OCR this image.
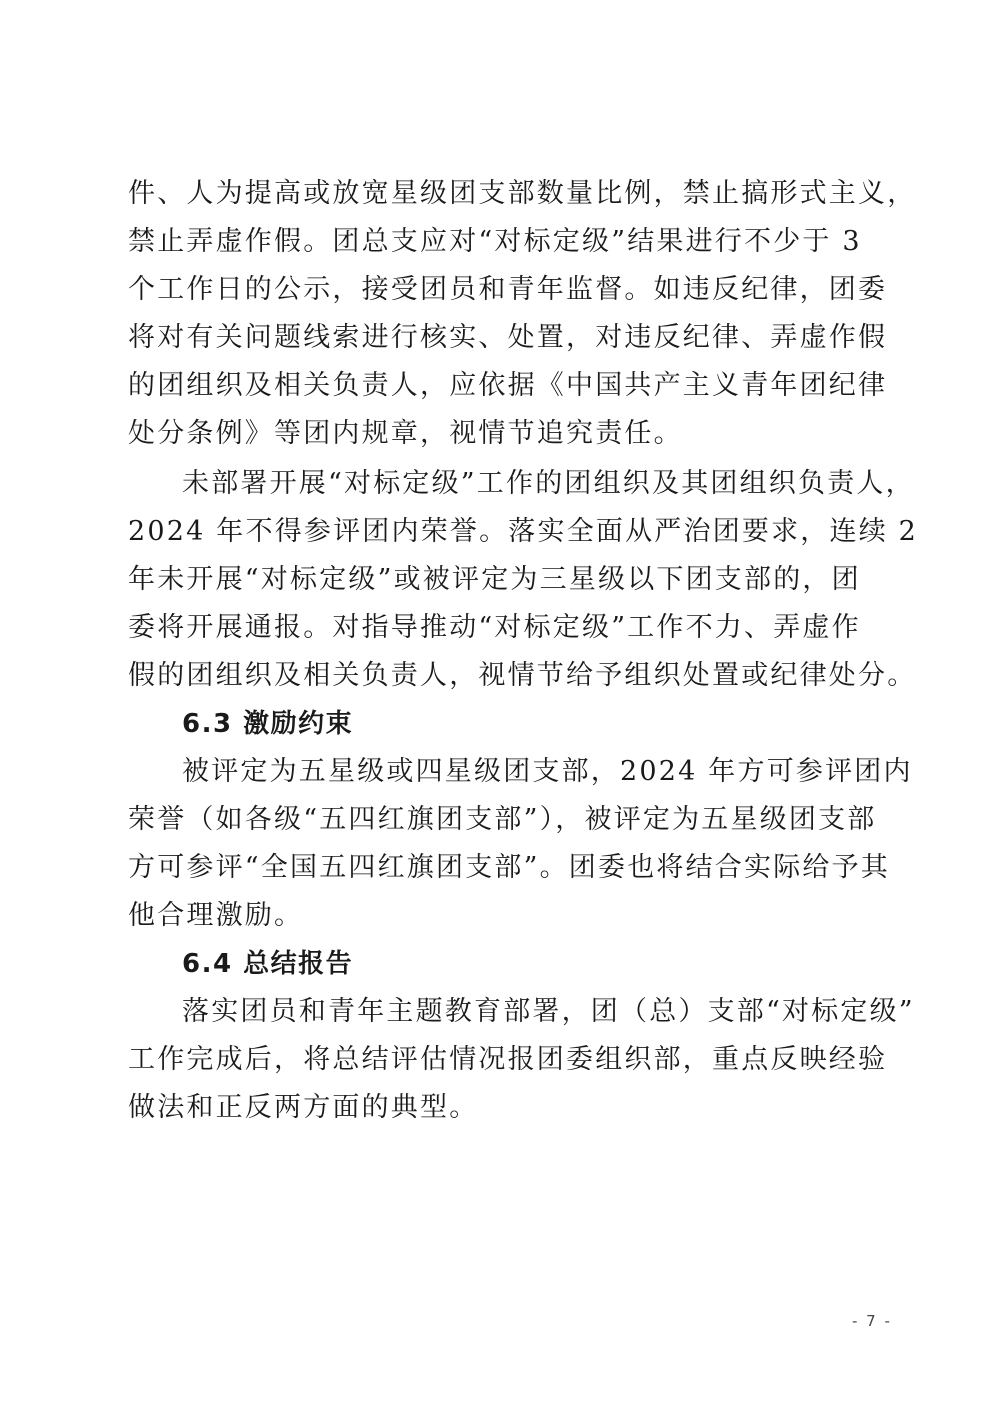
件、人为提高或放宽星级团支部数量比例，禁止搞形式主义，
禁止弄虚作假。团总支应对“对标定级”结果进行不少于 3
个工作日的公示，接受团员和青年监督。如违反纪律，团委
将对有关问题线索进行核实、处置，对违反纪律、弄虚作假
的团组织及相关负责人，应依据《中国共产主义青年团纪律
处分条例》等团内规章，视情节追究责任。
未部署开展“对标定级”工作的团组织及其团组织负责人，
2024 年不得参评团内荣誉。落实全面从严治团要求，连续 2
年未开展“对标定级”或被评定为三星级以下团支部的，团
委将开展通报。对指导推动“对标定级”工作不力、弄虚作
假的团组织及相关负责人，视情节给予组织处置或纪律处分。
6.3 激励约束
被评定为五星级或四星级团支部，2024 年方可参评团内
荣誉（如各级“五四红旗团支部”），被评定为五星级团支部
方可参评“全国五四红旗团支部”。团委也将结合实际给予其
他合理激励。
6.4 总结报告
落实团员和青年主题教育部署，团（总）支部“对标定级”
工作完成后，将总结评估情况报团委组织部，重点反映经验
做法和正反两方面的典型。
- 7 -
